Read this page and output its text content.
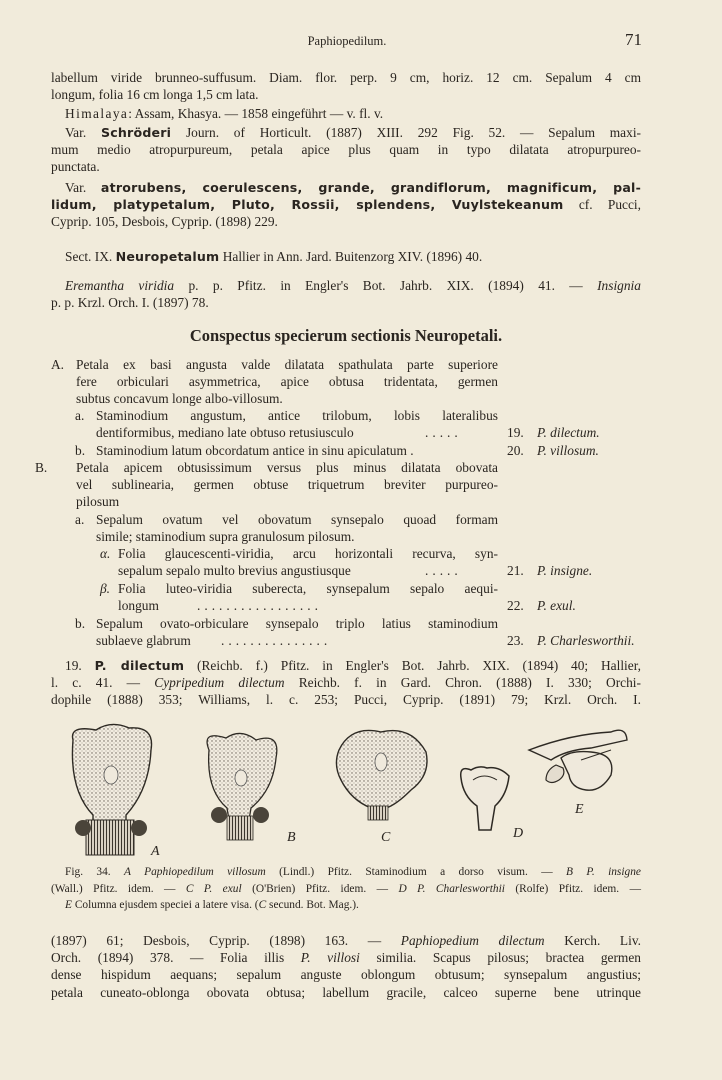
Paphiopedilum.	71
labellum viride brunneo-suffusum. Diam. flor. perp. 9 cm, horiz. 12 cm. Sepalum 4 cm
longum, folia 16 cm longa 1,5 cm lata.
Himalaya: Assam, Khasya. — 1858 eingeführt — v. fl. v.
Var. Schröderi Journ. of Horticult. (1887) XIII. 292 Fig. 52. — Sepalum maxi-
mum medio atropurpureum, petala apice plus quam in typo dilatata atropurpureo-
punctata.
Var. atrorubens, coerulescens, grande, grandiflorum, magnificum, pal-
lidum, platypetalum, Pluto, Rossii, splendens, Vuylstekeanum cf. Pucci,
Cyprip. 105, Desbois, Cyprip. (1898) 229.
Sect. IX. Neuropetalum Hallier in Ann. Jard. Buitenzorg XIV. (1896) 40.
Eremantha viridia p. p. Pfitz. in Engler's Bot. Jahrb. XIX. (1894) 41. — Insignia
p. p. Krzl. Orch. I. (1897) 78.
Conspectus specierum sectionis Neuropetali.
A. Petala ex basi angusta valde dilatata spathulata parte superiore
fere orbiculari asymmetrica, apice obtusa tridentata, germen
subtus concavum longe albo-villosum.
a. Staminodium angustum, antice trilobum, lobis lateralibus
dentiformibus, mediano late obtuso retusiusculo	.....	19. P. dilectum.
b. Staminodium latum obcordatum antice in sinu apiculatum .	20. P. villosum.
B. Petala apicem obtusissimum versus plus minus dilatata obovata
vel sublinearia, germen obtuse triquetrum breviter purpureo-
pilosum
a. Sepalum ovatum vel obovatum synsepalo quoad formam
simile; staminodium supra granulosum pilosum.
α. Folia glaucescenti-viridia, arcu horizontali recurva, syn-
sepalum sepalo multo brevius angustiusque	.....	21. P. insigne.
β. Folia luteo-viridia suberecta, synsepalum sepalo aequi-
longum	.................	22. P. exul.
b. Sepalum ovato-orbiculare synsepalo triplo latius staminodium
sublaeve glabrum ...............	23. P. Charlesworthii.
19. P. dilectum (Reichb. f.) Pfitz. in Engler's Bot. Jahrb. XIX. (1894) 40; Hallier,
l. c. 41. — Cypripedium dilectum Reichb. f. in Gard. Chron. (1888) I. 330; Orchi-
dophile (1888) 353; Williams, l. c. 253; Pucci, Cyprip. (1891) 79; Krzl. Orch. I.
A
B	C	D
E
Fig. 34. A Paphiopedilum villosum (Lindl.) Pfitz. Staminodium a dorso visum. — B P. insigne
(Wall.) Pfitz. idem. — C P. exul (O'Brien) Pfitz. idem. — D P. Charlesworthii (Rolfe) Pfitz. idem. —
E Columna ejusdem speciei a latere visa. (C secund. Bot. Mag.).
(1897) 61; Desbois, Cyprip. (1898) 163. — Paphiopedium dilectum Kerch. Liv.
Orch. (1894) 378. — Folia illis P. villosi similia. Scapus pilosus; bractea germen
dense hispidum aequans; sepalum anguste oblongum obtusum; synsepalum angustius;
petala cuneato-oblonga obovata obtusa; labellum gracile, calceo superne bene utrinque
